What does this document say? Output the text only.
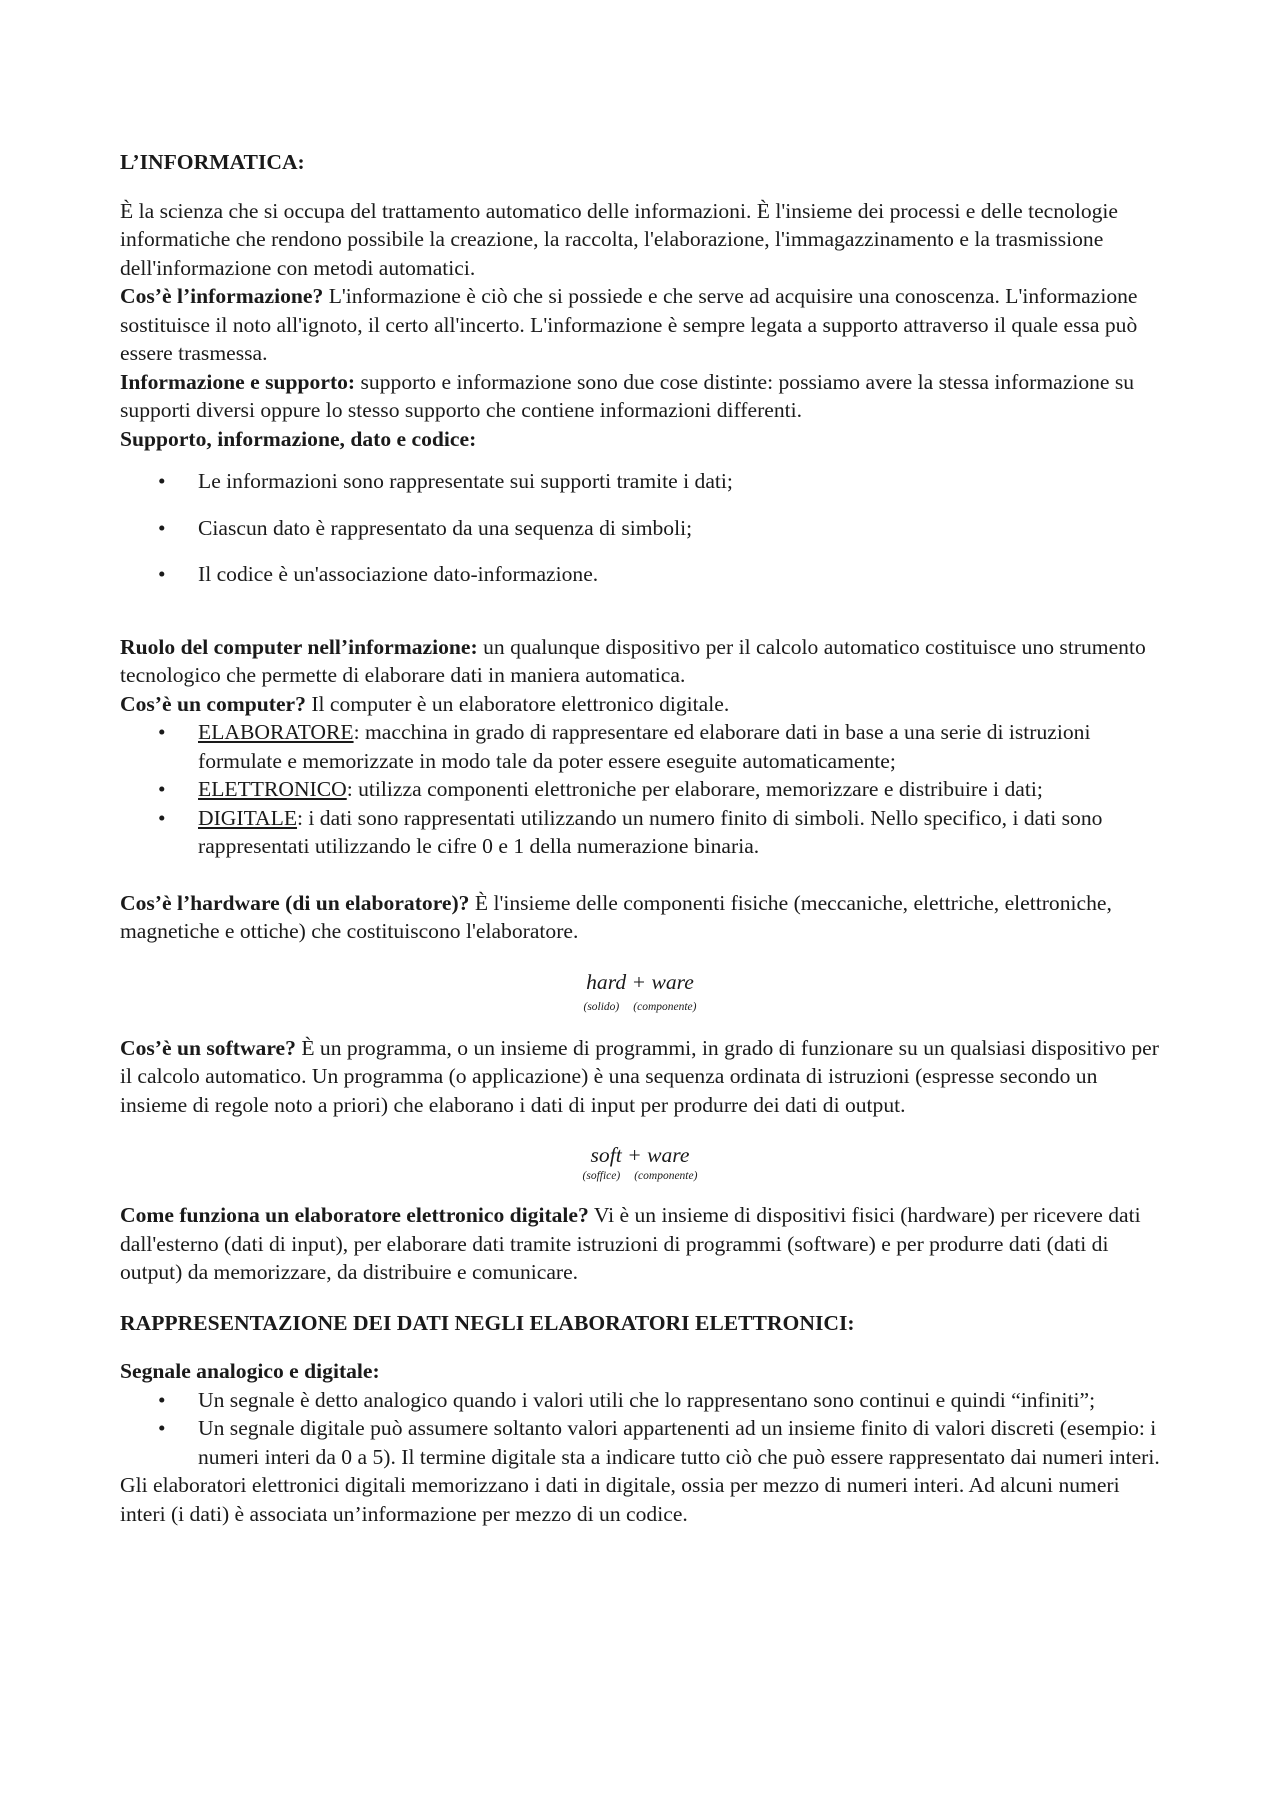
L’INFORMATICA:

È la scienza che si occupa del trattamento automatico delle informazioni. È l'insieme dei processi e delle tecnologie informatiche che rendono possibile la creazione, la raccolta, l'elaborazione, l'immagazzinamento e la trasmissione dell'informazione con metodi automatici.

Cos’è l’informazione? L'informazione è ciò che si possiede e che serve ad acquisire una conoscenza. L'informazione sostituisce il noto all'ignoto, il certo all'incerto. L'informazione è sempre legata a supporto attraverso il quale essa può essere trasmessa.

Informazione e supporto: supporto e informazione sono due cose distinte: possiamo avere la stessa informazione su supporti diversi oppure lo stesso supporto che contiene informazioni differenti.

Supporto, informazione, dato e codice:

• Le informazioni sono rappresentate sui supporti tramite i dati;
• Ciascun dato è rappresentato da una sequenza di simboli;
• Il codice è un'associazione dato-informazione.

Ruolo del computer nell’informazione: un qualunque dispositivo per il calcolo automatico costituisce uno strumento tecnologico che permette di elaborare dati in maniera automatica.

Cos’è un computer? Il computer è un elaboratore elettronico digitale.

• ELABORATORE: macchina in grado di rappresentare ed elaborare dati in base a una serie di istruzioni formulate e memorizzate in modo tale da poter essere eseguite automaticamente;
• ELETTRONICO: utilizza componenti elettroniche per elaborare, memorizzare e distribuire i dati;
• DIGITALE: i dati sono rappresentati utilizzando un numero finito di simboli. Nello specifico, i dati sono rappresentati utilizzando le cifre 0 e 1 della numerazione binaria.

Cos’è l’hardware (di un elaboratore)? È l'insieme delle componenti fisiche (meccaniche, elettriche, elettroniche, magnetiche e ottiche) che costituiscono l'elaboratore.

hard + ware
(solido) (componente)

Cos’è un software? È un programma, o un insieme di programmi, in grado di funzionare su un qualsiasi dispositivo per il calcolo automatico. Un programma (o applicazione) è una sequenza ordinata di istruzioni (espresse secondo un insieme di regole noto a priori) che elaborano i dati di input per produrre dei dati di output.

soft + ware
(soffice) (componente)

Come funziona un elaboratore elettronico digitale? Vi è un insieme di dispositivi fisici (hardware) per ricevere dati dall'esterno (dati di input), per elaborare dati tramite istruzioni di programmi (software) e per produrre dati (dati di output) da memorizzare, da distribuire e comunicare.

RAPPRESENTAZIONE DEI DATI NEGLI ELABORATORI ELETTRONICI:

Segnale analogico e digitale:

• Un segnale è detto analogico quando i valori utili che lo rappresentano sono continui e quindi “infiniti”;
• Un segnale digitale può assumere soltanto valori appartenenti ad un insieme finito di valori discreti (esempio: i numeri interi da 0 a 5). Il termine digitale sta a indicare tutto ciò che può essere rappresentato dai numeri interi.

Gli elaboratori elettronici digitali memorizzano i dati in digitale, ossia per mezzo di numeri interi. Ad alcuni numeri interi (i dati) è associata un’informazione per mezzo di un codice.
